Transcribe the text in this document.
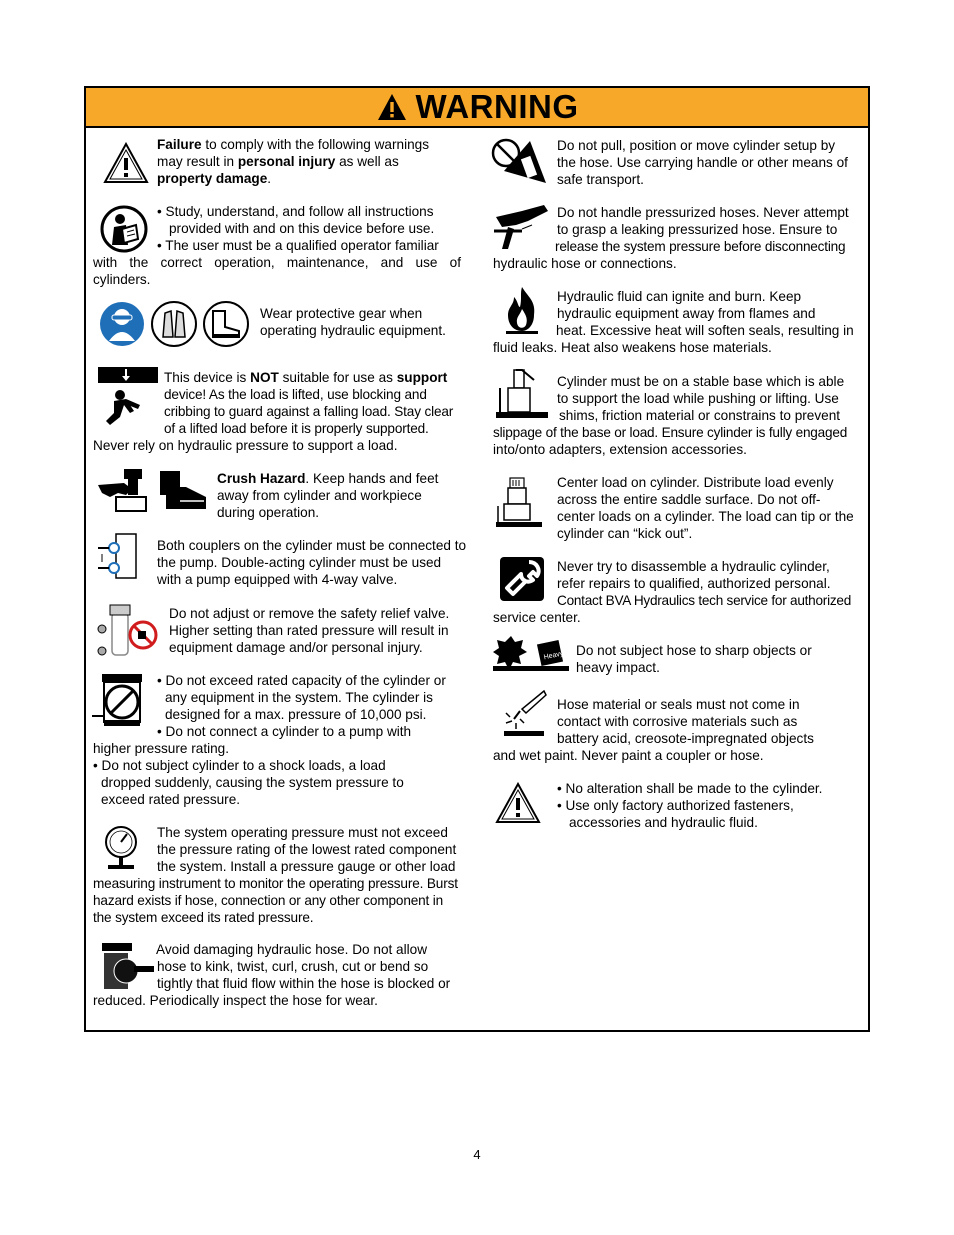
WARNING
Failure to comply with the following warnings may result in personal injury as well as property damage.

• Study, understand, and follow all instructions

provided with and on this device before use.

• The user must be a qualified operator familiar

with the correct operation, maintenance, and use of cylinders.

Wear protective gear when operating hydraulic equipment.

This device is NOT suitable for use as support

device! As the load is lifted, use blocking and cribbing to guard against a falling load. Stay clear of a lifted load before it is properly supported.

Never rely on hydraulic pressure to support a load.

Crush Hazard. Keep hands and feet away from cylinder and workpiece during operation.
Both couplers on the cylinder must be connected to the pump. Double-acting cylinder must be used with a pump equipped with 4-way valve.
Do not adjust or remove the safety relief valve. Higher setting than rated pressure will result in equipment damage and/or personal injury.

• Do not exceed rated capacity of the cylinder or

any equipment in the system. The cylinder is

designed for a max. pressure of 10,000 psi.

• Do not connect a cylinder to a pump with

higher pressure rating.

• Do not subject cylinder to a shock loads, a load

dropped suddenly, causing the system pressure to

exceed rated pressure.

The system operating pressure must not exceed

the pressure rating of the lowest rated component

the system. Install a pressure gauge or other load

measuring instrument to monitor the operating pressure. Burst hazard exists if hose, connection or any other component in the system exceed its rated pressure.

Avoid damaging hydraulic hose. Do not allow

hose to kink, twist, curl, crush, cut or bend so

tightly that fluid flow within the hose is blocked or

reduced. Periodically inspect the hose for wear.

Do not pull, position or move cylinder setup by the hose. Use carrying handle or other means of safe transport.

Do not handle pressurized hoses. Never attempt

to grasp a leaking pressurized hose. Ensure to

release the system pressure before disconnecting

hydraulic hose or connections.

Hydraulic fluid can ignite and burn. Keep

hydraulic equipment away from flames and

heat. Excessive heat will soften seals, resulting in

fluid leaks. Heat also weakens hose materials.

Cylinder must be on a stable base which is able

to support the load while pushing or lifting. Use

shims, friction material or constrains to prevent

slippage of the base or load. Ensure cylinder is fully engaged

into/onto adapters, extension accessories.

Center load on cylinder. Distribute load evenly across the entire saddle surface. Do not off-center loads on a cylinder. The load can tip or the cylinder can “kick out”.

Never try to disassemble a hydraulic cylinder,

refer repairs to qualified, authorized personal.

Contact BVA Hydraulics tech service for authorized

service center.

Heavy Do not subject hose to sharp objects or heavy impact.

Hose material or seals must not come in

contact with corrosive materials such as

battery acid, creosote-impregnated objects

and wet paint. Never paint a coupler or hose.

• No alteration shall be made to the cylinder.

• Use only factory authorized fasteners,

accessories and hydraulic fluid.

4
